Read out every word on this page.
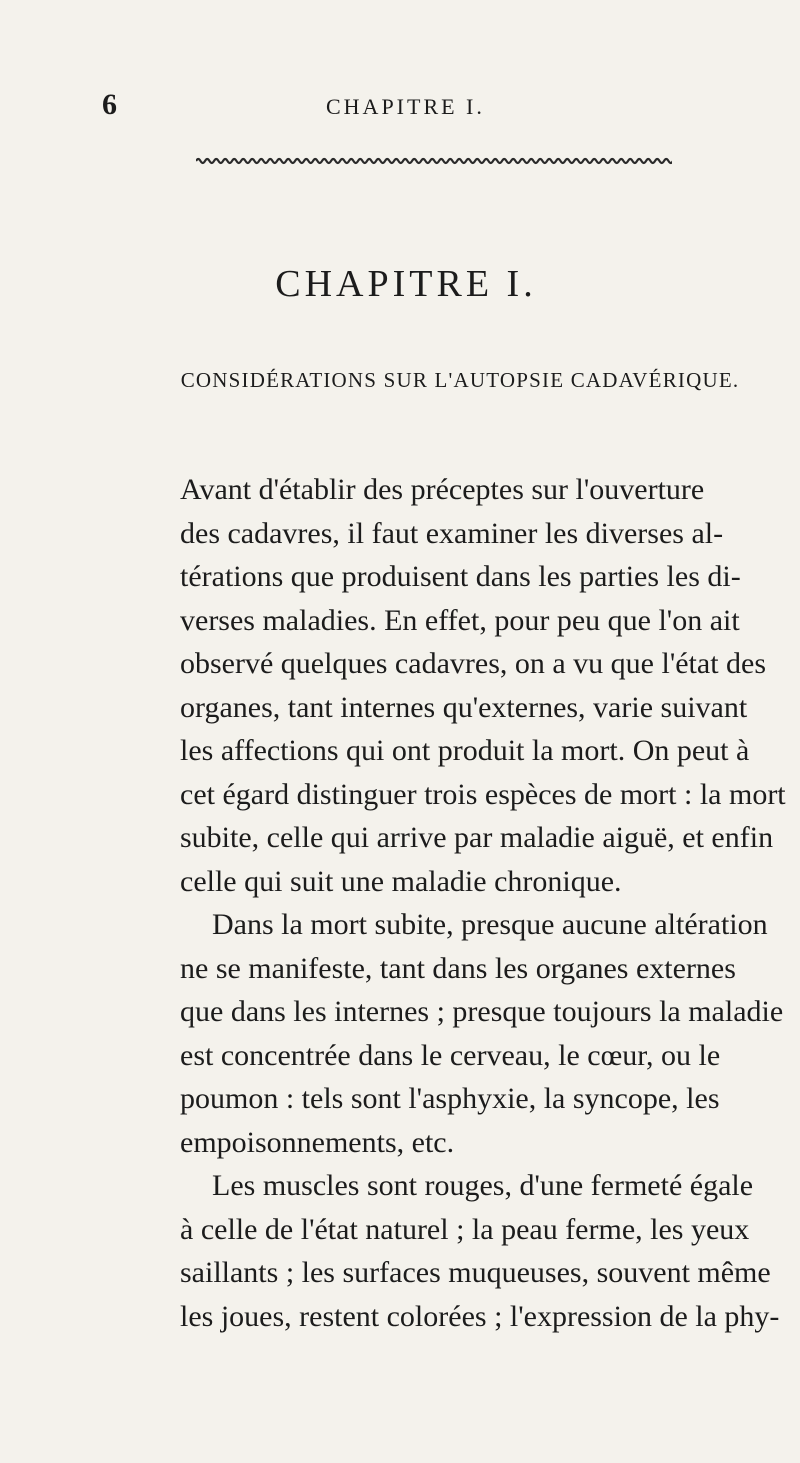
6	CHAPITRE I.
CHAPITRE I.
CONSIDÉRATIONS SUR L'AUTOPSIE CADAVÉRIQUE.
Avant d'établir des préceptes sur l'ouverture
des cadavres, il faut examiner les diverses al-
térations que produisent dans les parties les di-
verses maladies. En effet, pour peu que l'on ait
observé quelques cadavres, on a vu que l'état des
organes, tant internes qu'externes, varie suivant
les affections qui ont produit la mort. On peut à
cet égard distinguer trois espèces de mort : la mort
subite, celle qui arrive par maladie aiguë, et enfin
celle qui suit une maladie chronique.
Dans la mort subite, presque aucune altération
ne se manifeste, tant dans les organes externes
que dans les internes ; presque toujours la maladie
est concentrée dans le cerveau, le cœur, ou le
poumon : tels sont l'asphyxie, la syncope, les
empoisonnements, etc.
Les muscles sont rouges, d'une fermeté égale
à celle de l'état naturel ; la peau ferme, les yeux
saillants ; les surfaces muqueuses, souvent même
les joues, restent colorées ; l'expression de la phy-
